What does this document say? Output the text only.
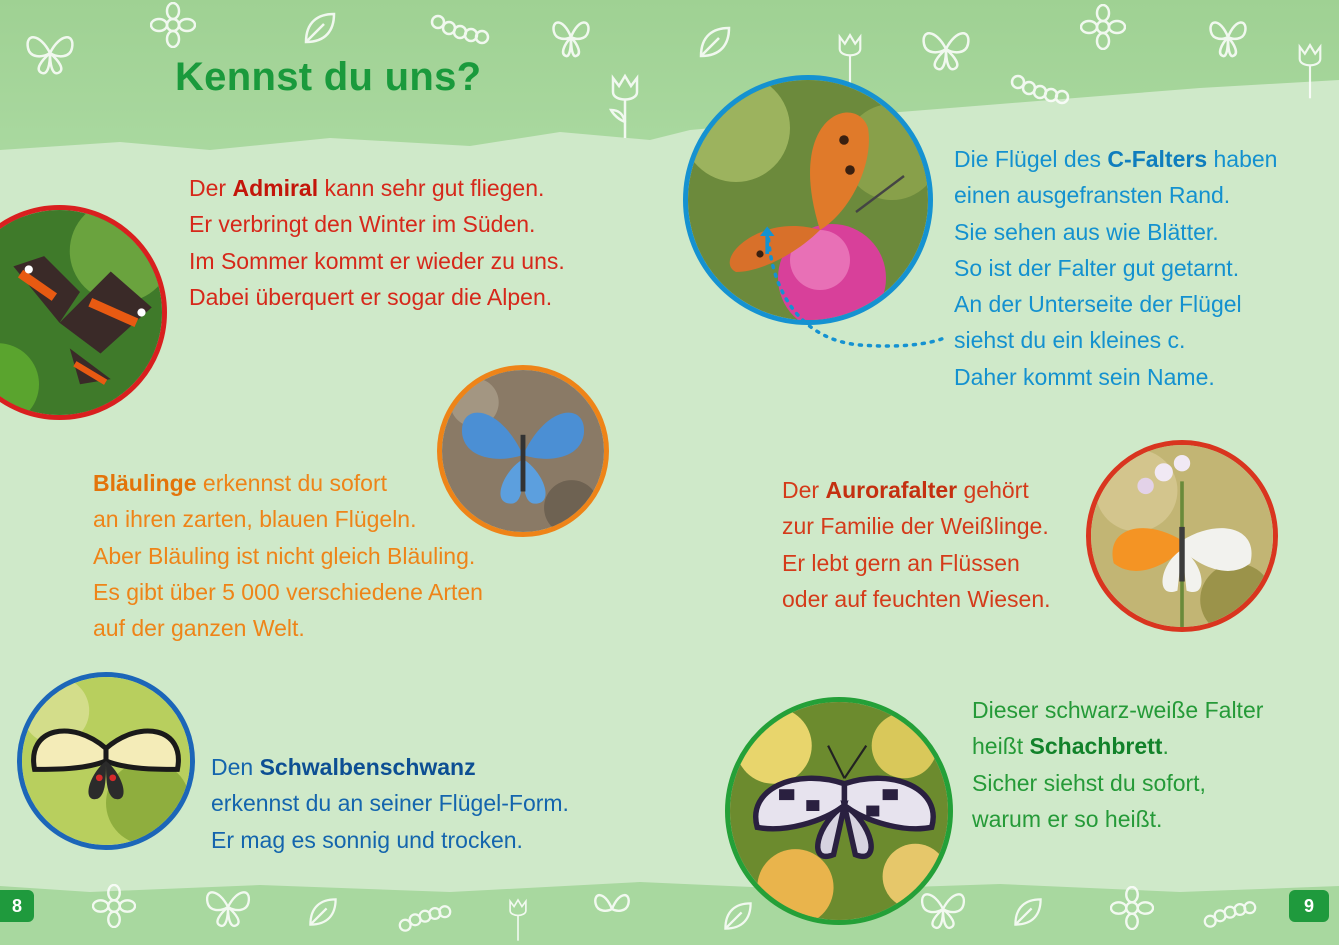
Kennst du uns?

Der Admiral kann sehr gut fliegen.

Er verbringt den Winter im Süden.

Im Sommer kommt er wieder zu uns.

Dabei überquert er sogar die Alpen.

Bläulinge erkennst du sofort

an ihren zarten, blauen Flügeln.

Aber Bläuling ist nicht gleich Bläuling.

Es gibt über 5 000 verschiedene Arten

auf der ganzen Welt.

Den Schwalbenschwanz

erkennst du an seiner Flügel-Form.

Er mag es sonnig und trocken.

Die Flügel des C-Falters haben

einen ausgefransten Rand.

Sie sehen aus wie Blätter.

So ist der Falter gut getarnt.

An der Unterseite der Flügel

siehst du ein kleines c.

Daher kommt sein Name.

Der Aurorafalter gehört

zur Familie der Weißlinge.

Er lebt gern an Flüssen

oder auf feuchten Wiesen.

Dieser schwarz-weiße Falter

heißt Schachbrett.

Sicher siehst du sofort,

warum er so heißt.

8	9
